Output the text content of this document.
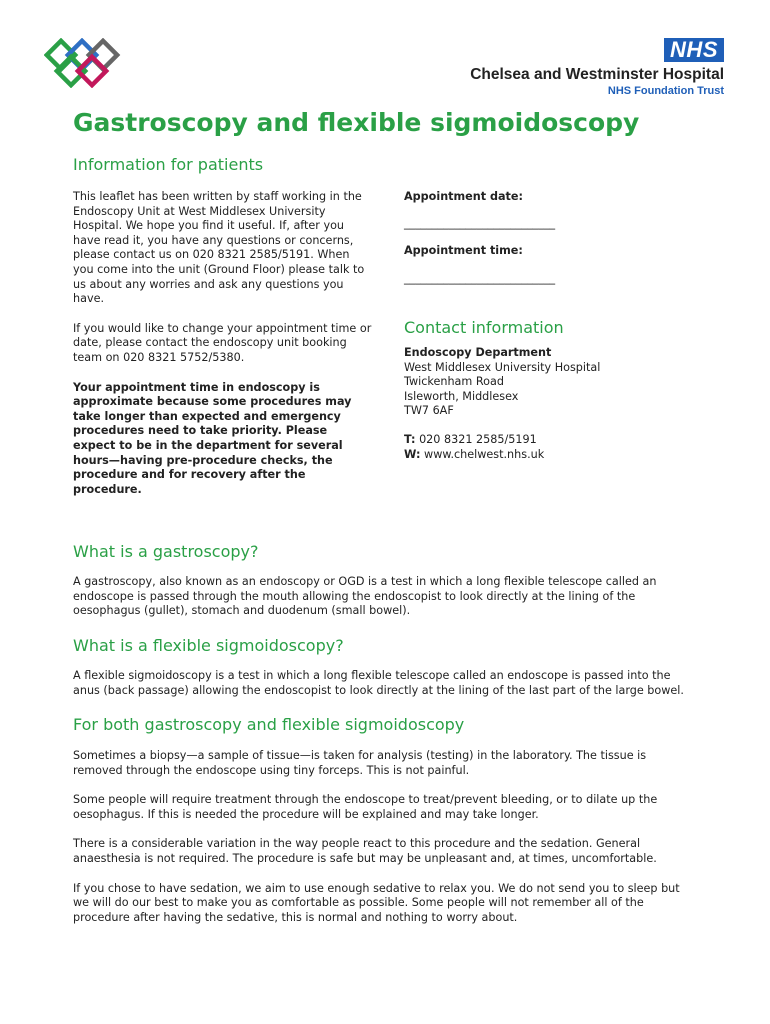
NHS
Chelsea and Westminster Hospital
NHS Foundation Trust
Gastroscopy and flexible sigmoidoscopy
Information for patients

This leaflet has been written by staff working in the Endoscopy Unit at West Middlesex University Hospital. We hope you find it useful. If, after you have read it, you have any questions or concerns, please contact us on 020 8321 2585/5191. When you come into the unit (Ground Floor) please talk to us about any worries and ask any questions you have.

If you would like to change your appointment time or date, please contact the endoscopy unit booking team on 020 8321 5752/5380.

Your appointment time in endoscopy is approximate because some procedures may take longer than expected and emergency procedures need to take priority. Please expect to be in the department for several hours—having pre-procedure checks, the procedure and for recovery after the procedure.

Appointment date:
___________________________
Appointment time:
___________________________
Contact information

Endoscopy Department

West Middlesex University Hospital

Twickenham Road

Isleworth, Middlesex

TW7 6AF

T: 020 8321 2585/5191

W: www.chelwest.nhs.uk

What is a gastroscopy?

A gastroscopy, also known as an endoscopy or OGD is a test in which a long flexible telescope called an endoscope is passed through the mouth allowing the endoscopist to look directly at the lining of the oesophagus (gullet), stomach and duodenum (small bowel).

What is a flexible sigmoidoscopy?

A flexible sigmoidoscopy is a test in which a long flexible telescope called an endoscope is passed into the anus (back passage) allowing the endoscopist to look directly at the lining of the last part of the large bowel.

For both gastroscopy and flexible sigmoidoscopy

Sometimes a biopsy—a sample of tissue—is taken for analysis (testing) in the laboratory. The tissue is removed through the endoscope using tiny forceps. This is not painful.

Some people will require treatment through the endoscope to treat/prevent bleeding, or to dilate up the oesophagus. If this is needed the procedure will be explained and may take longer.

There is a considerable variation in the way people react to this procedure and the sedation. General anaesthesia is not required. The procedure is safe but may be unpleasant and, at times, uncomfortable.

If you chose to have sedation, we aim to use enough sedative to relax you. We do not send you to sleep but we will do our best to make you as comfortable as possible. Some people will not remember all of the procedure after having the sedative, this is normal and nothing to worry about.
